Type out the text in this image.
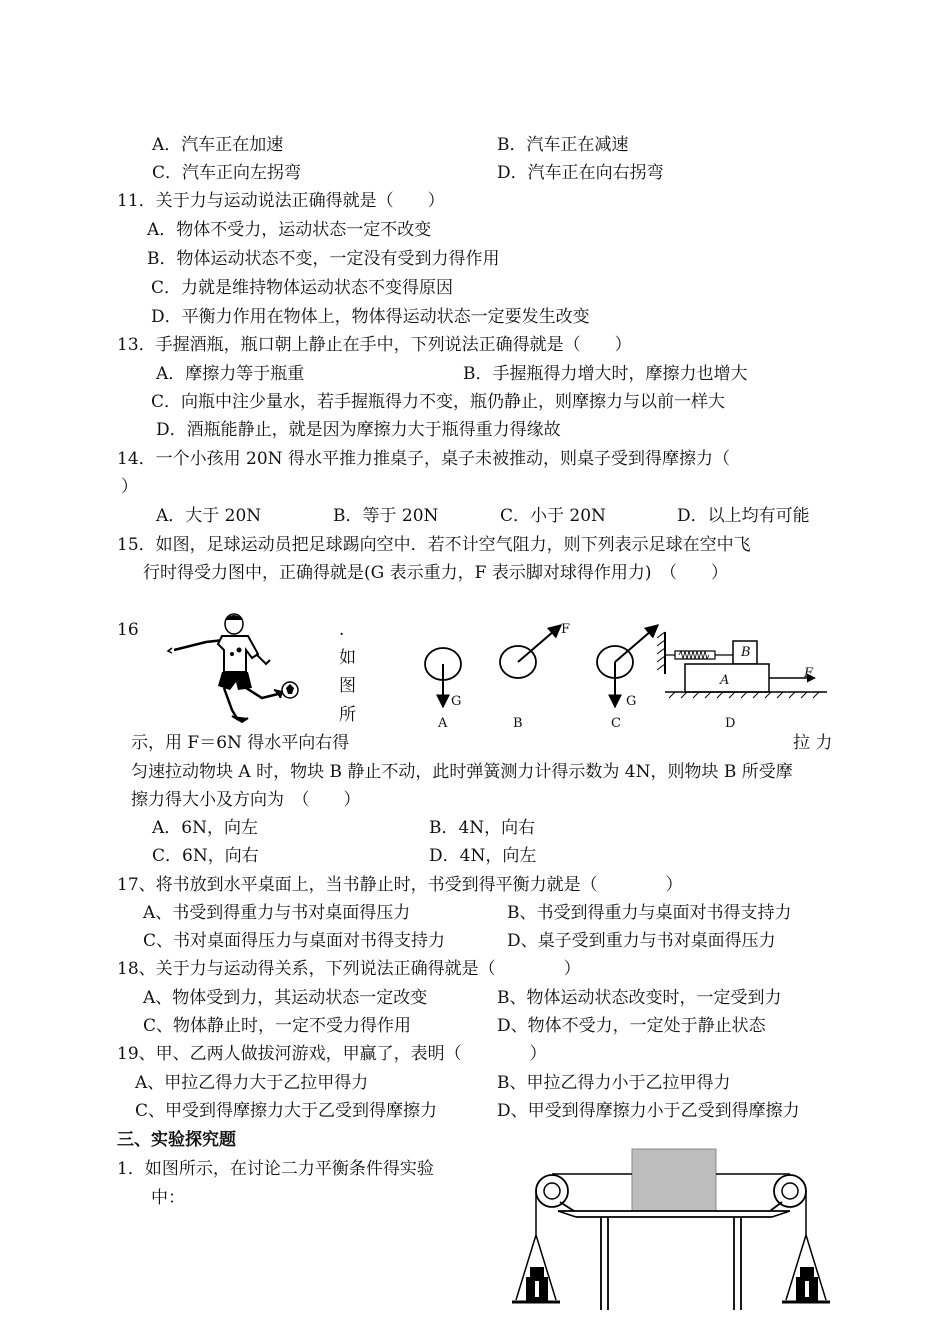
A．汽车正在加速	B．汽车正在减速
C．汽车正向左拐弯	D．汽车正在向右拐弯
11．关于力与运动说法正确得就是（　　）
A．物体不受力，运动状态一定不改变
B．物体运动状态不变，一定没有受到力得作用
C．力就是维持物体运动状态不变得原因
D．平衡力作用在物体上，物体得运动状态一定要发生改变
13．手握酒瓶，瓶口朝上静止在手中，下列说法正确得就是（　　）
A．摩擦力等于瓶重	B．手握瓶得力增大时，摩擦力也增大
C．向瓶中注少量水，若手握瓶得力不变，瓶仍静止，则摩擦力与以前一样大
D．酒瓶能静止，就是因为摩擦力大于瓶得重力得缘故
14．一个小孩用 20N 得水平推力推桌子，桌子未被推动，则桌子受到得摩擦力（
）
A．大于 20N	B．等于 20N	C．小于 20N	D．以上均有可能
15．如图，足球运动员把足球踢向空中．若不计空气阻力，则下列表示足球在空中飞
行时得受力图中，正确得就是(G 表示重力，F 表示脚对球得作用力)　（　　）
16	.
如
图
所
G
F
G
A	B	C
B
A	F
D
示，用 F＝6N 得水平向右得	拉 力
匀速拉动物块 A 时，物块 B 静止不动，此时弹簧测力计得示数为 4N，则物块 B 所受摩
擦力得大小及方向为　（　　）
A．6N，向左	B．4N，向右
C．6N，向右	D．4N，向左
17、将书放到水平桌面上，当书静止时，书受到得平衡力就是（　　　　）
A、书受到得重力与书对桌面得压力	B、书受到得重力与桌面对书得支持力
C、书对桌面得压力与桌面对书得支持力	D、桌子受到重力与书对桌面得压力
18、关于力与运动得关系，下列说法正确得就是（　　　　）
A、物体受到力，其运动状态一定改变	B、物体运动状态改变时，一定受到力
C、物体静止时，一定不受力得作用	D、物体不受力，一定处于静止状态
19、甲、乙两人做拔河游戏，甲赢了，表明（　　　　）
A、甲拉乙得力大于乙拉甲得力	B、甲拉乙得力小于乙拉甲得力
C、甲受到得摩擦力大于乙受到得摩擦力	D、甲受到得摩擦力小于乙受到得摩擦力
三、实验探究题
1．如图所示，在讨论二力平衡条件得实验
中：
